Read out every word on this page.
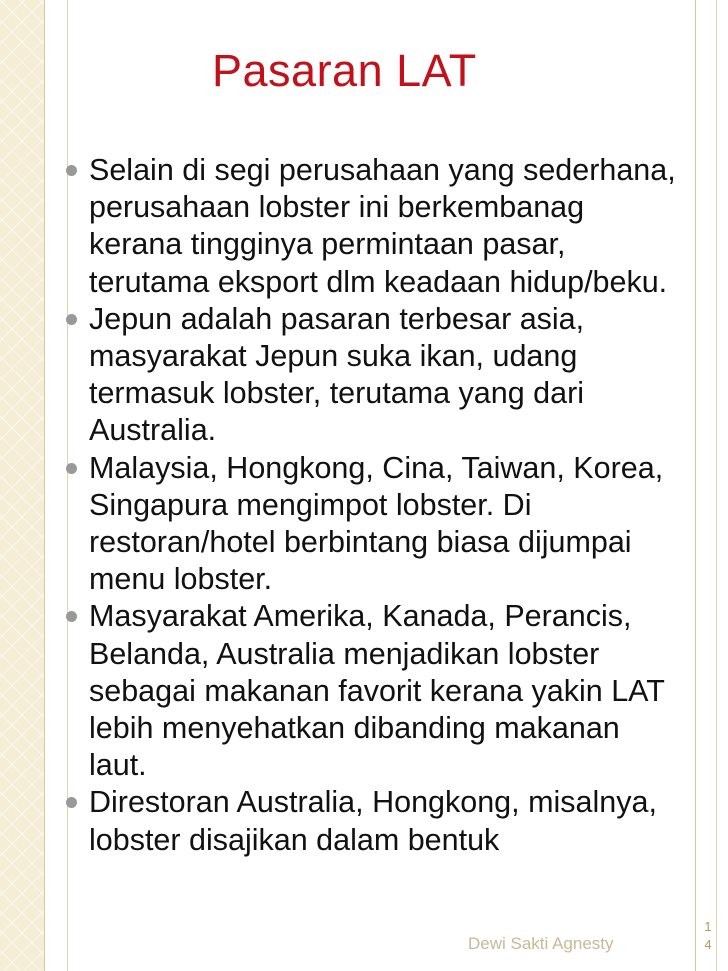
Pasaran LAT
Selain di segi perusahaan yang sederhana, perusahaan lobster ini berkembanag kerana tingginya permintaan pasar, terutama eksport dlm keadaan hidup/beku.
Jepun adalah pasaran terbesar asia, masyarakat Jepun suka ikan, udang termasuk lobster, terutama yang dari Australia.
Malaysia, Hongkong, Cina, Taiwan, Korea, Singapura mengimpot lobster. Di restoran/hotel berbintang biasa dijumpai menu lobster.
Masyarakat Amerika, Kanada, Perancis, Belanda, Australia menjadikan lobster sebagai makanan favorit kerana yakin LAT lebih menyehatkan dibanding makanan laut.
Direstoran Australia, Hongkong, misalnya, lobster disajikan dalam bentuk
Dewi Sakti Agnesty
1
4
